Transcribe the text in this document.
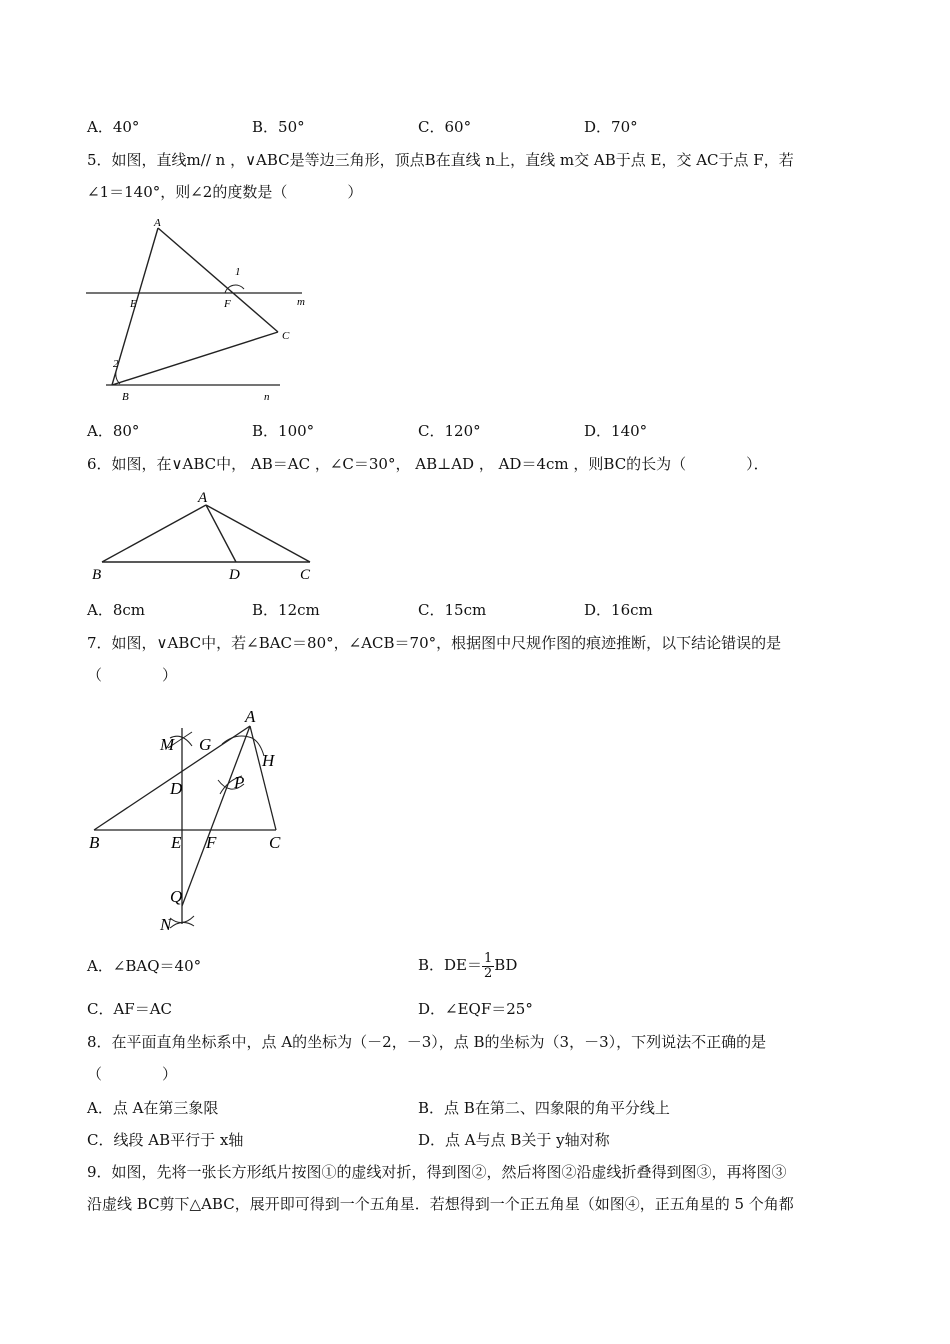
A．40°	B．50°	C．60°	D．70°
5．如图，直线m// n ，∨ABC是等边三角形，顶点B在直线 n上，直线 m交 AB于点 E，交 AC于点 F，若
∠1＝140°，则∠2的度数是（　　　　）
A
1
E	F	m
C
2
B	n
A．80°	B．100°	C．120°	D．140°
6．如图，在∨ABC中， AB＝AC ，∠C＝30°， AB⊥AD ， AD＝4cm ，则BC的长为（　　　　）．
A
B	D	C
A．8cm	B．12cm	C．15cm	D．16cm
7．如图，∨ABC中，若∠BAC＝80°，∠ACB＝70°，根据图中尺规作图的痕迹推断，以下结论错误的是
（　　　　）
A
M G
H
D	P
B	E F	C
Q
N
A．∠BAQ＝40°	B．$DE= \frac{1}{2}$ BD
C．AF＝AC	D．∠EQF＝25°
8．在平面直角坐标系中，点 A的坐标为（－2，－3），点 B的坐标为（3，－3），下列说法不正确的是
（　　　　）
A．点 A在第三象限	B．点 B在第二、四象限的角平分线上
C．线段 AB平行于 x轴	D．点 A与点 B关于 y轴对称
9．如图，先将一张长方形纸片按图①的虚线对折，得到图②，然后将图②沿虚线折叠得到图③，再将图③
沿虚线 BC剪下△ABC，展开即可得到一个五角星．若想得到一个正五角星（如图④，正五角星的 5 个角都
